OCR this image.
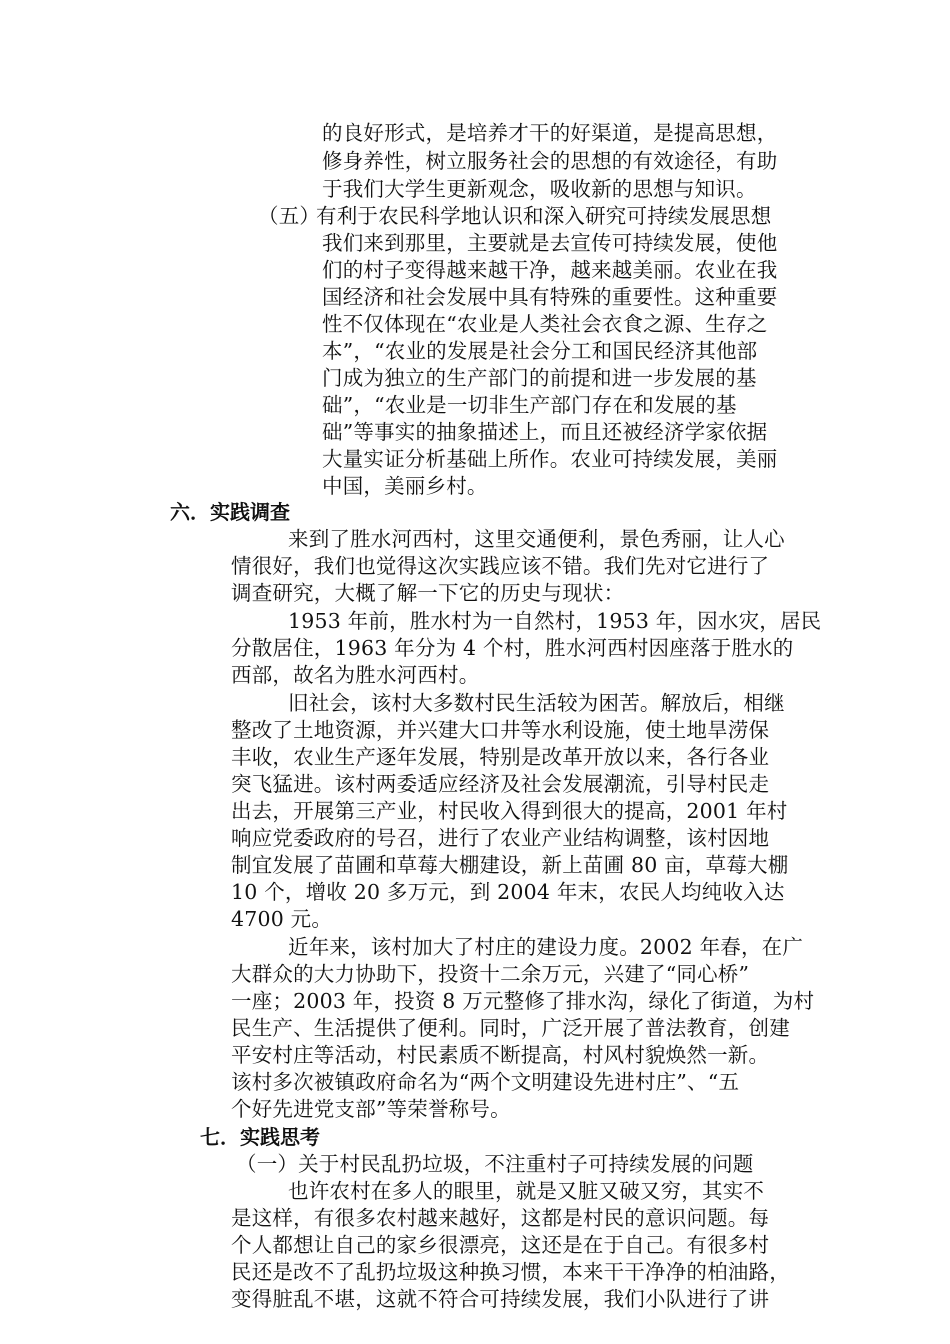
的良好形式，是培养才干的好渠道，是提高思想，
修身养性，树立服务社会的思想的有效途径，有助
于我们大学生更新观念，吸收新的思想与知识。
（五）
有利于农民科学地认识和深入研究可持续发展思想
我们来到那里，主要就是去宣传可持续发展，使他
们的村子变得越来越干净，越来越美丽。农业在我
国经济和社会发展中具有特殊的重要性。这种重要
性不仅体现在“农业是人类社会衣食之源、生存之
本”，“农业的发展是社会分工和国民经济其他部
门成为独立的生产部门的前提和进一步发展的基
础”，“农业是一切非生产部门存在和发展的基
础”等事实的抽象描述上，而且还被经济学家依据
大量实证分析基础上所作。农业可持续发展，美丽
中国，美丽乡村。
六．实践调查
来到了胜水河西村，这里交通便利，景色秀丽，让人心
情很好，我们也觉得这次实践应该不错。我们先对它进行了
调查研究，大概了解一下它的历史与现状：
1953 年前，胜水村为一自然村，1953 年，因水灾，居民
分散居住，1963 年分为 4 个村，胜水河西村因座落于胜水的
西部，故名为胜水河西村。
旧社会，该村大多数村民生活较为困苦。解放后，相继
整改了土地资源，并兴建大口井等水利设施，使土地旱涝保
丰收，农业生产逐年发展，特别是改革开放以来，各行各业
突飞猛进。该村两委适应经济及社会发展潮流，引导村民走
出去，开展第三产业，村民收入得到很大的提高，2001 年村
响应党委政府的号召，进行了农业产业结构调整，该村因地
制宜发展了苗圃和草莓大棚建设，新上苗圃 80 亩，草莓大棚
10 个，增收 20 多万元，到 2004 年末，农民人均纯收入达
4700 元。
近年来，该村加大了村庄的建设力度。2002 年春，在广
大群众的大力协助下，投资十二余万元，兴建了“同心桥”
一座；2003 年，投资 8 万元整修了排水沟，绿化了街道，为村
民生产、生活提供了便利。同时，广泛开展了普法教育，创建
平安村庄等活动，村民素质不断提高，村风村貌焕然一新。
该村多次被镇政府命名为“两个文明建设先进村庄”、“五
个好先进党支部”等荣誉称号。
七．实践思考
（一）关于村民乱扔垃圾，不注重村子可持续发展的问题
也许农村在多人的眼里，就是又脏又破又穷，其实不
是这样，有很多农村越来越好，这都是村民的意识问题。每
个人都想让自己的家乡很漂亮，这还是在于自己。有很多村
民还是改不了乱扔垃圾这种换习惯，本来干干净净的柏油路，
变得脏乱不堪，这就不符合可持续发展，我们小队进行了讲
